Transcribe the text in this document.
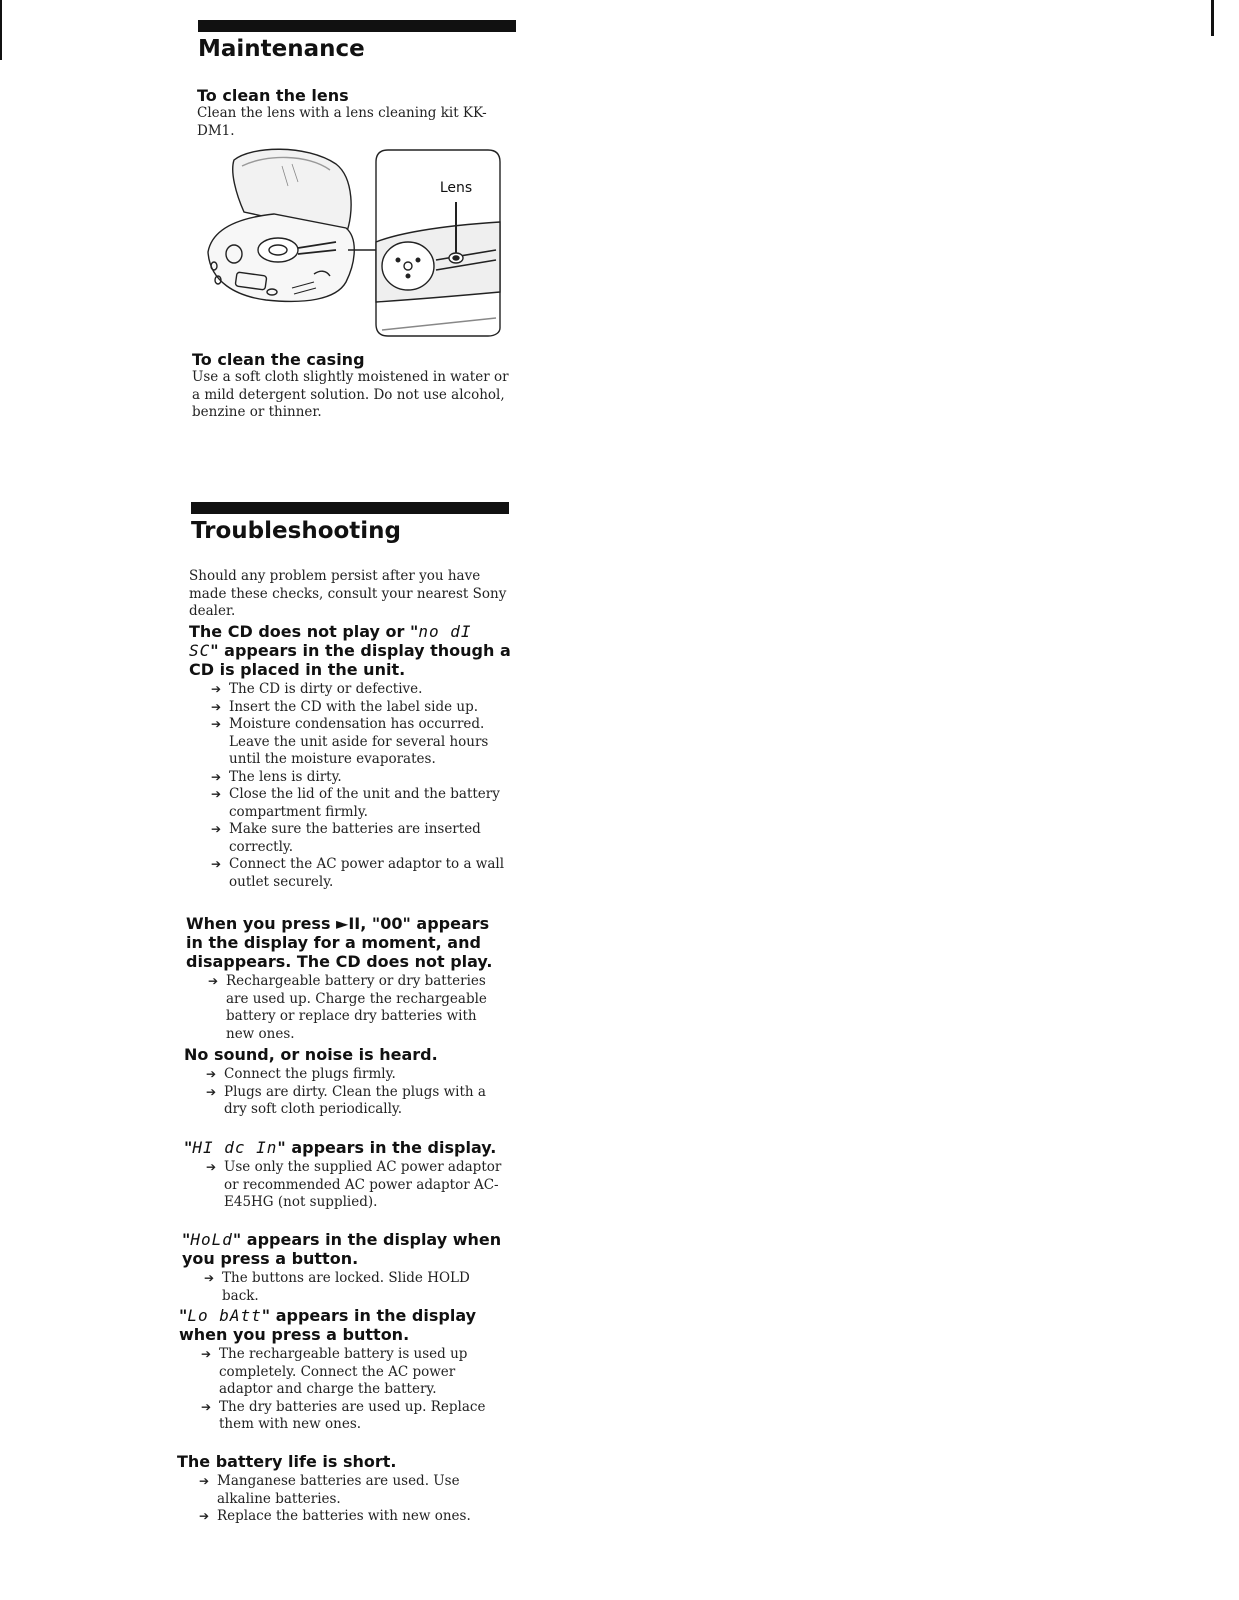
Maintenance
To clean the lens

Clean the lens with a lens cleaning kit KK-DM1.

Lens
To clean the casing

Use a soft cloth slightly moistened in water or a mild detergent solution. Do not use alcohol, benzine or thinner.

Troubleshooting

Should any problem persist after you have made these checks, consult your nearest Sony dealer.

The CD does not play or "no dI SC" appears in the display though a CD is placed in the unit.
➔ The CD is dirty or defective.
➔ Insert the CD with the label side up.
➔ Moisture condensation has occurred. Leave the unit aside for several hours until the moisture evaporates.
➔ The lens is dirty.
➔ Close the lid of the unit and the battery compartment firmly.
➔ Make sure the batteries are inserted correctly.
➔ Connect the AC power adaptor to a wall outlet securely.
When you press ►II, "00" appears in the display for a moment, and disappears. The CD does not play.
➔ Rechargeable battery or dry batteries are used up. Charge the rechargeable battery or replace dry batteries with new ones.
No sound, or noise is heard.
➔ Connect the plugs firmly.
➔ Plugs are dirty. Clean the plugs with a dry soft cloth periodically.
"HI dc In" appears in the display.
➔ Use only the supplied AC power adaptor or recommended AC power adaptor AC-E45HG (not supplied).
"HoLd" appears in the display when you press a button.
➔ The buttons are locked. Slide HOLD back.
"Lo bAtt" appears in the display when you press a button.
➔ The rechargeable battery is used up completely. Connect the AC power adaptor and charge the battery.
➔ The dry batteries are used up. Replace them with new ones.
The battery life is short.
➔ Manganese batteries are used. Use alkaline batteries.
➔ Replace the batteries with new ones.
